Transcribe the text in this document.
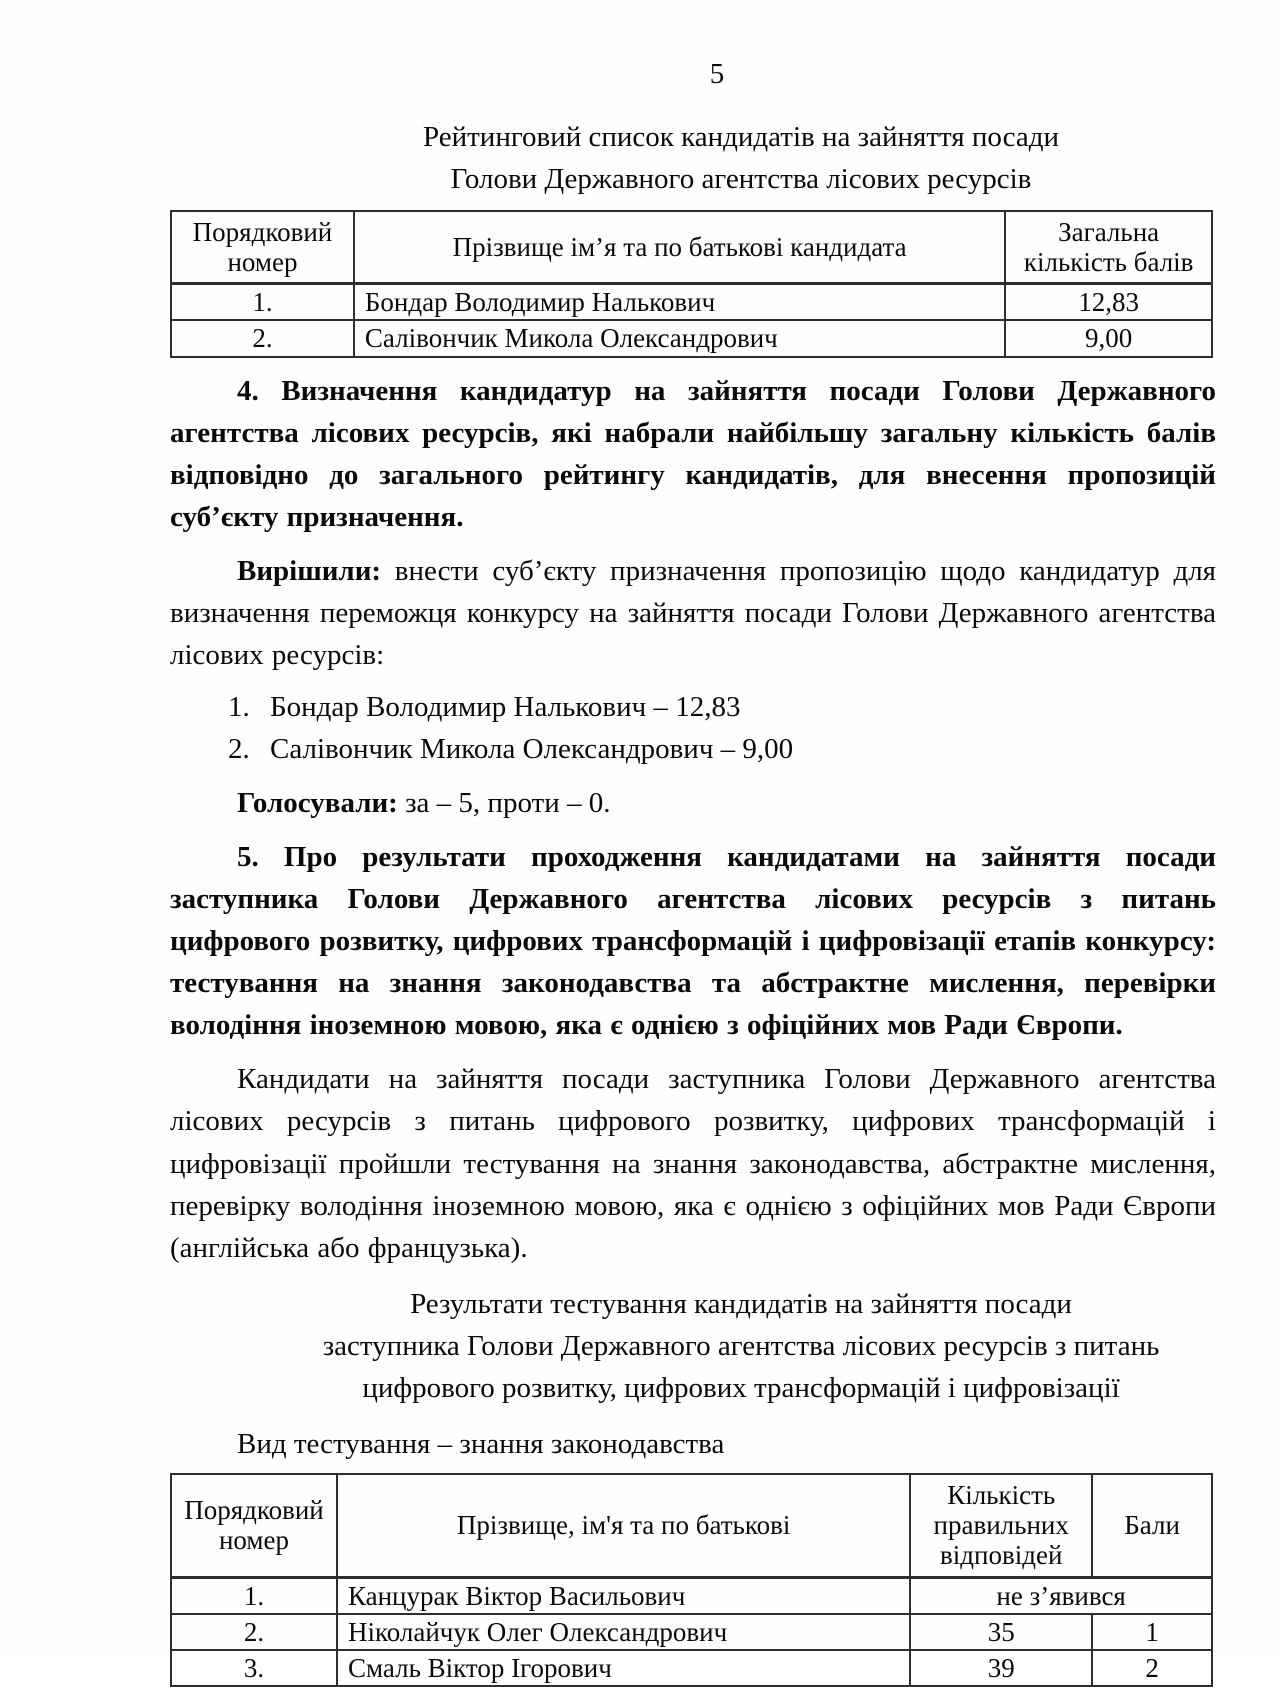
5
Рейтинговий список кандидатів на зайняття посади
Голови Державного агентства лісових ресурсів
Порядковий номер	Прізвище ім’я та по батькові кандидата	Загальна кількість балів
1.	Бондар Володимир Налькович	12,83
2.	Салівончик Микола Олександрович	9,00

4. Визначення кандидатур на зайняття посади Голови Державного агентства лісових ресурсів, які набрали найбільшу загальну кількість балів відповідно до загального рейтингу кандидатів, для внесення пропозицій суб’єкту призначення.

Вирішили: внести суб’єкту призначення пропозицію щодо кандидатур для визначення переможця конкурсу на зайняття посади Голови Державного агентства лісових ресурсів:

1. Бондар Володимир Налькович – 12,83
2. Салівончик Микола Олександрович – 9,00

Голосували: за – 5, проти – 0.

5. Про результати проходження кандидатами на зайняття посади заступника Голови Державного агентства лісових ресурсів з питань цифрового розвитку, цифрових трансформацій і цифровізації етапів конкурсу: тестування на знання законодавства та абстрактне мислення, перевірки володіння іноземною мовою, яка є однією з офіційних мов Ради Європи.

Кандидати на зайняття посади заступника Голови Державного агентства лісових ресурсів з питань цифрового розвитку, цифрових трансформацій і цифровізації пройшли тестування на знання законодавства, абстрактне мислення, перевірку володіння іноземною мовою, яка є однією з офіційних мов Ради Європи (англійська або французька).

Результати тестування кандидатів на зайняття посади
заступника Голови Державного агентства лісових ресурсів з питань
цифрового розвитку, цифрових трансформацій і цифровізації

Вид тестування – знання законодавства

Порядковий номер	Прізвище, ім'я та по батькові	Кількість правильних відповідей	Бали
1.	Канцурак Віктор Васильович	не з’явився	
2.	Ніколайчук Олег Олександрович	35	1
3.	Смаль Віктор Ігорович	39	2
